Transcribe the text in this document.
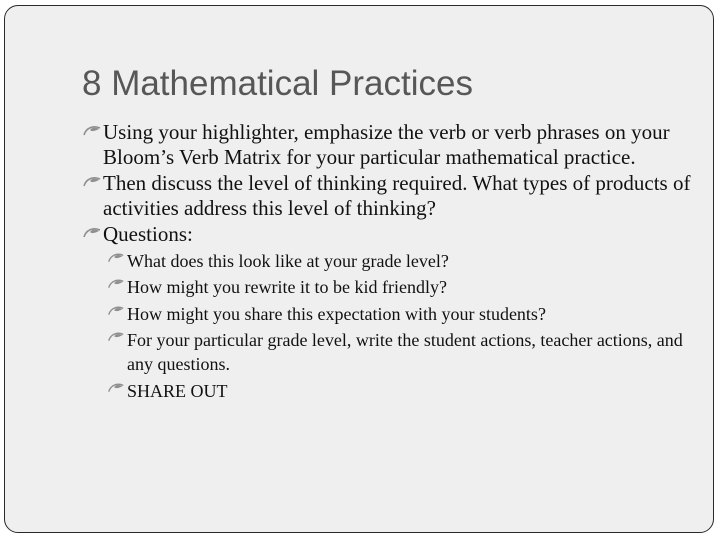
8 Mathematical Practices

Using your highlighter, emphasize the verb or verb phrases on your Bloom’s Verb Matrix for your particular mathematical practice.

Then discuss the level of thinking required. What types of products of activities address this level of thinking?

Questions:

What does this look like at your grade level?

How might you rewrite it to be kid friendly?

How might you share this expectation with your students?

For your particular grade level, write the student actions, teacher actions, and any questions.

SHARE OUT
